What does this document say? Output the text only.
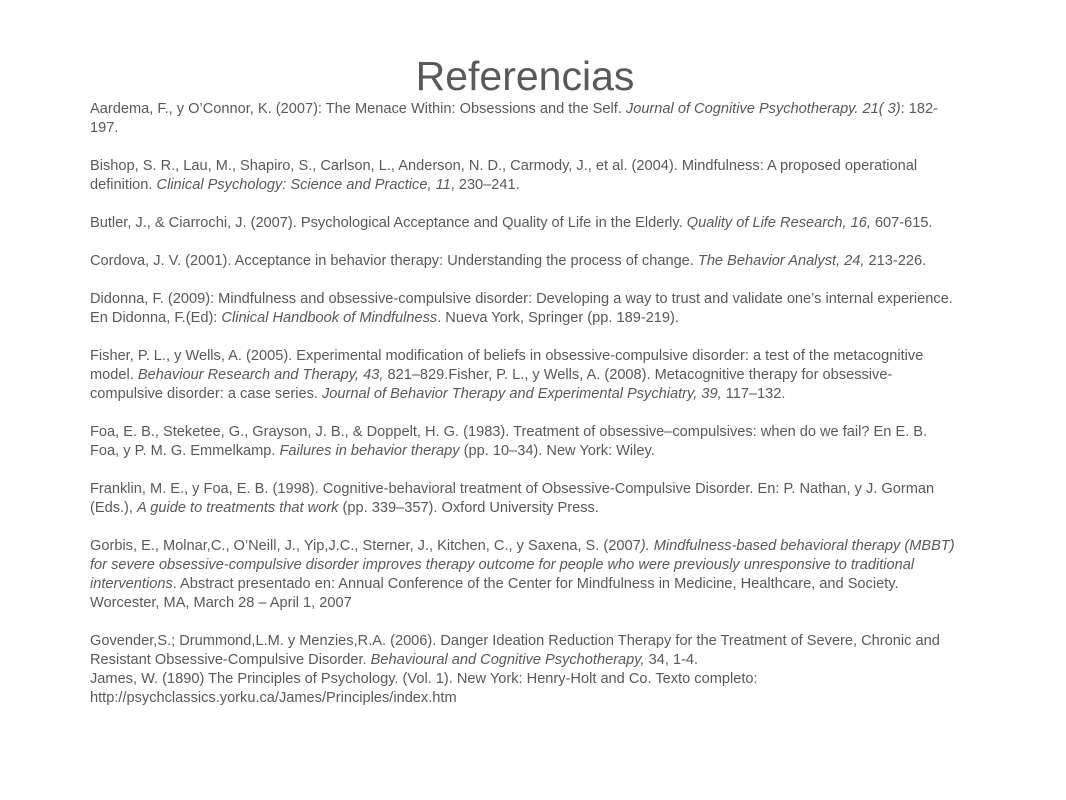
Referencias

Aardema, F., y O’Connor, K. (2007): The Menace Within: Obsessions and the Self. Journal of Cognitive Psychotherapy. 21( 3): 182-197.

Bishop, S. R., Lau, M., Shapiro, S., Carlson, L., Anderson, N. D., Carmody, J., et al. (2004). Mindfulness: A proposed operational definition. Clinical Psychology: Science and Practice, 11, 230–241.

Butler, J., & Ciarrochi, J. (2007). Psychological Acceptance and Quality of Life in the Elderly. Quality of Life Research, 16, 607-615.

Cordova, J. V. (2001). Acceptance in behavior therapy: Understanding the process of change. The Behavior Analyst, 24, 213-226.

Didonna, F. (2009): Mindfulness and obsessive-compulsive disorder: Developing a way to trust and validate one’s internal experience. En Didonna, F.(Ed): Clinical Handbook of Mindfulness. Nueva York, Springer (pp. 189-219).

Fisher, P. L., y Wells, A. (2005). Experimental modification of beliefs in obsessive-compulsive disorder: a test of the metacognitive model. Behaviour Research and Therapy, 43, 821–829.Fisher, P. L., y Wells, A. (2008). Metacognitive therapy for obsessive-compulsive disorder: a case series. Journal of Behavior Therapy and Experimental Psychiatry, 39, 117–132.

Foa, E. B., Steketee, G., Grayson, J. B., & Doppelt, H. G. (1983). Treatment of obsessive–compulsives: when do we fail? En E. B. Foa, y P. M. G. Emmelkamp. Failures in behavior therapy (pp. 10–34). New York: Wiley.

Franklin, M. E., y Foa, E. B. (1998). Cognitive-behavioral treatment of Obsessive-Compulsive Disorder. En: P. Nathan, y J. Gorman (Eds.), A guide to treatments that work (pp. 339–357). Oxford University Press.

Gorbis, E., Molnar,C., O’Neill, J., Yip,J.C., Sterner, J., Kitchen, C., y Saxena, S. (2007). Mindfulness-based behavioral therapy (MBBT) for severe obsessive-compulsive disorder improves therapy outcome for people who were previously unresponsive to traditional interventions. Abstract presentado en: Annual Conference of the Center for Mindfulness in Medicine, Healthcare, and Society. Worcester, MA, March 28 – April 1, 2007

Govender,S.; Drummond,L.M. y Menzies,R.A. (2006). Danger Ideation Reduction Therapy for the Treatment of Severe, Chronic and Resistant Obsessive-Compulsive Disorder. Behavioural and Cognitive Psychotherapy, 34, 1-4.

James, W. (1890) The Principles of Psychology. (Vol. 1). New York: Henry-Holt and Co. Texto completo: http://psychclassics.yorku.ca/James/Principles/index.htm
